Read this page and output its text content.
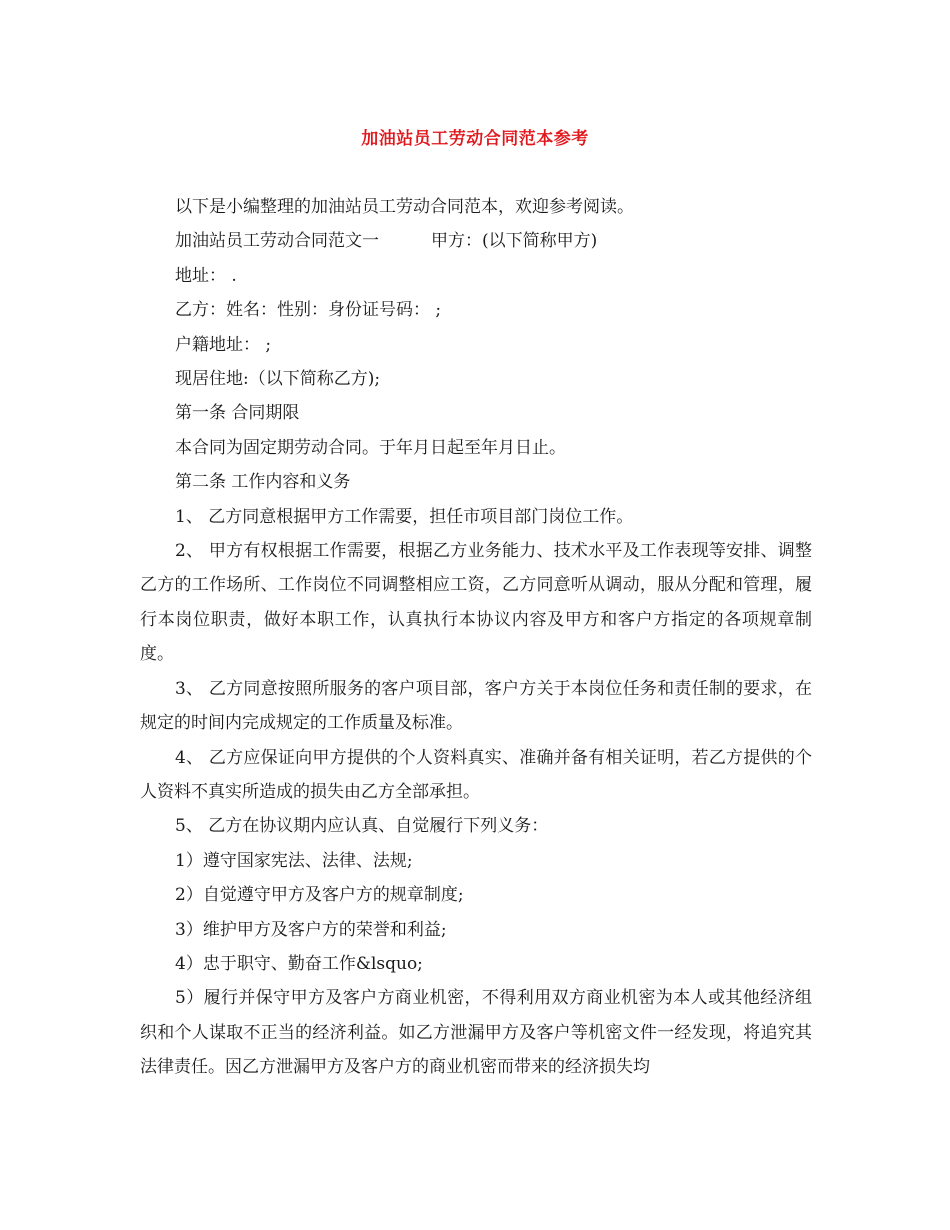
加油站员工劳动合同范本参考

以下是小编整理的加油站员工劳动合同范本，欢迎参考阅读。

加油站员工劳动合同范文一	甲方：(以下简称甲方)

地址： .

乙方：姓名：性别：身份证号码： ;

户籍地址： ;

现居住地:（以下简称乙方);

第一条 合同期限

本合同为固定期劳动合同。于年月日起至年月日止。

第二条 工作内容和义务

1、 乙方同意根据甲方工作需要，担任市项目部门岗位工作。

2、 甲方有权根据工作需要，根据乙方业务能力、技术水平及工作表现等安排、调整乙方的工作场所、工作岗位不同调整相应工资，乙方同意听从调动，服从分配和管理，履行本岗位职责，做好本职工作，认真执行本协议内容及甲方和客户方指定的各项规章制度。

3、 乙方同意按照所服务的客户项目部，客户方关于本岗位任务和责任制的要求，在规定的时间内完成规定的工作质量及标准。

4、 乙方应保证向甲方提供的个人资料真实、准确并备有相关证明，若乙方提供的个人资料不真实所造成的损失由乙方全部承担。

5、 乙方在协议期内应认真、自觉履行下列义务：

1）遵守国家宪法、法律、法规;

2）自觉遵守甲方及客户方的规章制度;

3）维护甲方及客户方的荣誉和利益;

4）忠于职守、勤奋工作&lsquo;

5）履行并保守甲方及客户方商业机密，不得利用双方商业机密为本人或其他经济组织和个人谋取不正当的经济利益。如乙方泄漏甲方及客户等机密文件一经发现，将追究其法律责任。因乙方泄漏甲方及客户方的商业机密而带来的经济损失均
